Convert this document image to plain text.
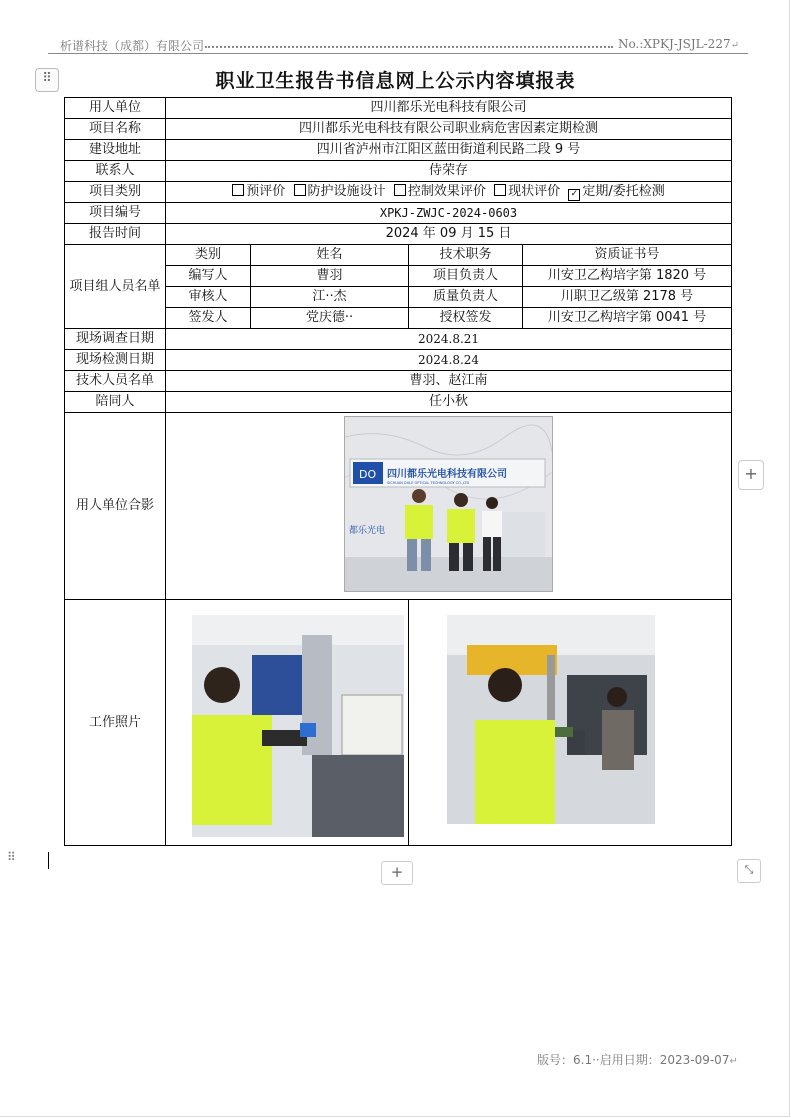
析谱科技（成都）有限公司	No.:XPKJ-JSJL-227↵
⠿	职业卫生报告书信息网上公示内容填报表
用人单位	四川都乐光电科技有限公司			
项目名称	四川都乐光电科技有限公司职业病危害因素定期检测			
建设地址	四川省泸州市江阳区蓝田街道利民路二段 9 号			
联系人	侍荣存			
项目类别	预评价 防护设施设计 控制效果评价 现状评价 ✓ 定期/委托检测			
项目编号	XPKJ-ZWJC-2024-0603			
报告时间	2024 年 09 月 15 日			
项目组人员名单	类别	姓名	技术职务	资质证书号
	编写人	曹羽	项目负责人	川安卫乙构培字第 1820 号
	审核人	江··杰	质量负责人	川职卫乙级第 2178 号
	签发人	党庆德··	授权签发	川安卫乙构培字第 0041 号
现场调查日期	2024.8.21			
现场检测日期	2024.8.24			
技术人员名单	曹羽、赵江南			
陪同人	任小秋			
用人单位合影	DO 四川都乐光电科技有限公司
SICHUAN DULE OPTICAL TECHNOLOGY CO.,LTD
都乐光电			

工作照片	

+
⠿
+	⤡
版号：6.1··启用日期：2023-09-07↵
